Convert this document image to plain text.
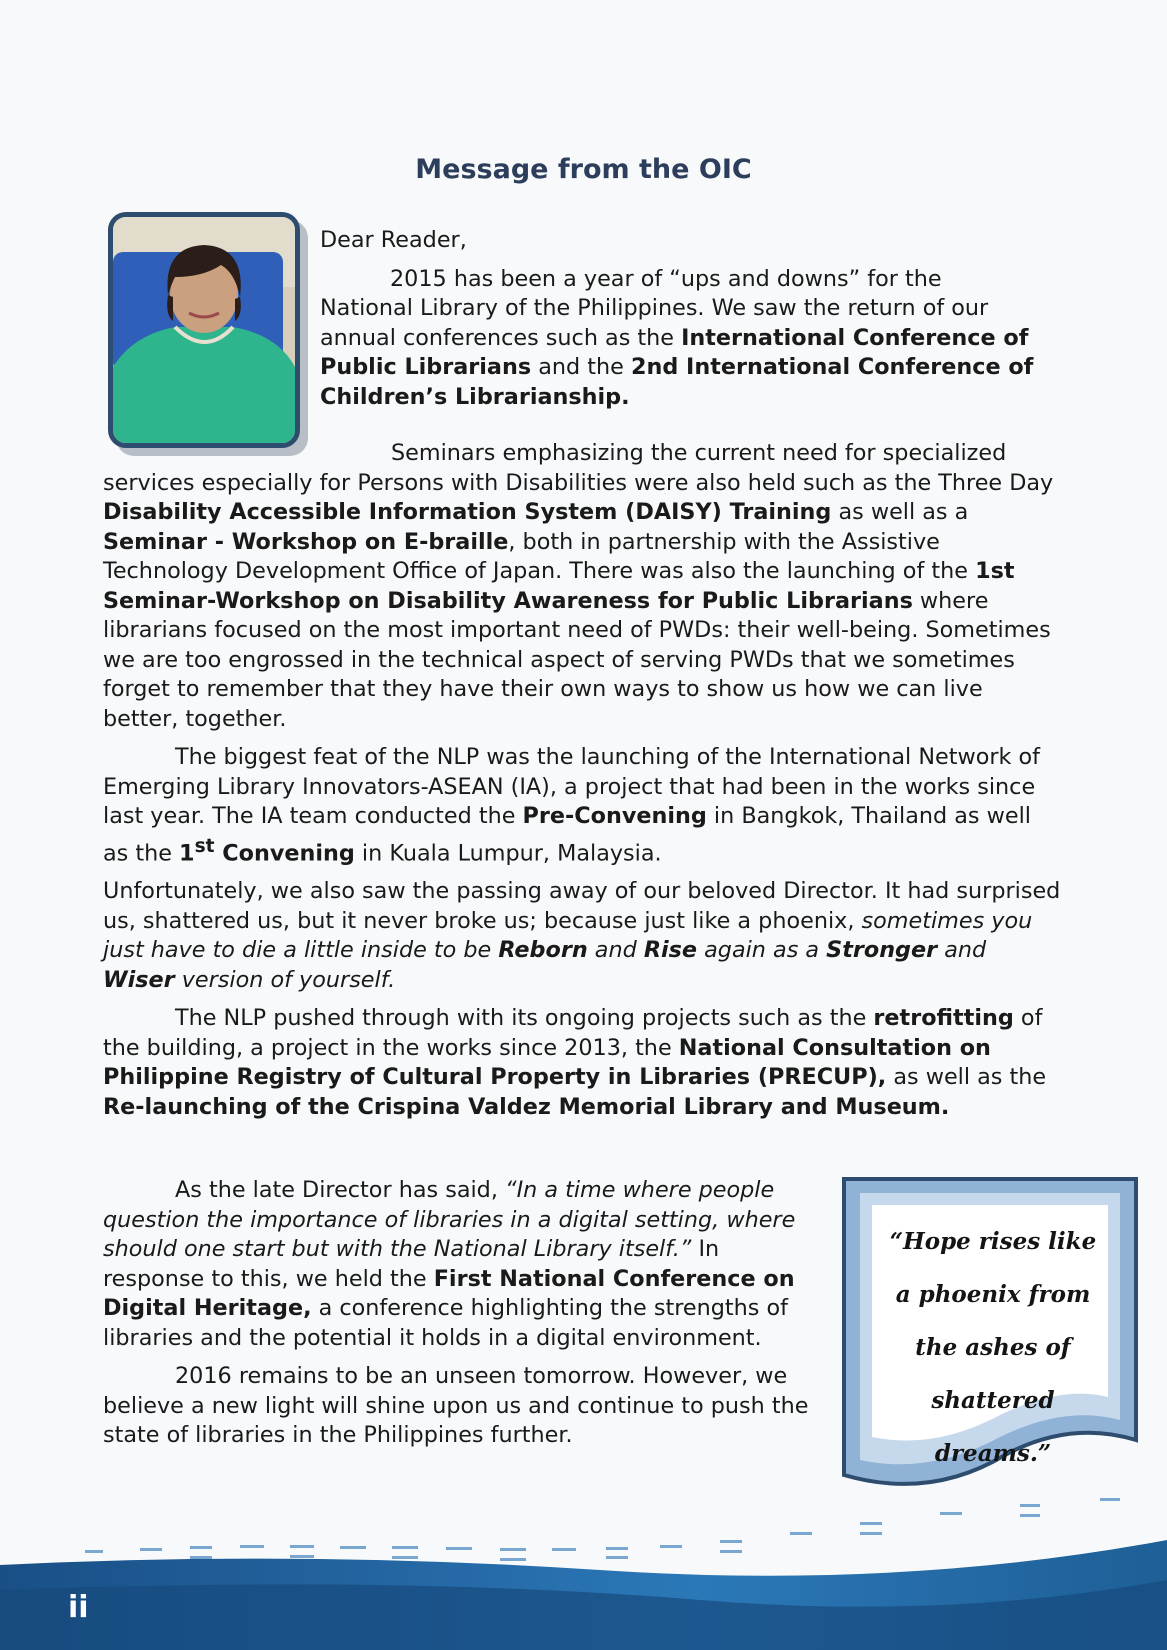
Message from the OIC

Dear Reader,

2015 has been a year of “ups and downs” for the National Library of the Philippines. We saw the return of our annual conferences such as the International Conference of Public Librarians and the 2nd International Conference of Children’s Librarianship.

Seminars emphasizing the current need for specialized services especially for Persons with Disabilities were also held such as the Three Day Disability Accessible Information System (DAISY) Training as well as a Seminar - Workshop on E-braille, both in partnership with the Assistive Technology Development Office of Japan. There was also the launching of the 1st Seminar-Workshop on Disability Awareness for Public Librarians where librarians focused on the most important need of PWDs: their well-being. Sometimes we are too engrossed in the technical aspect of serving PWDs that we sometimes forget to remember that they have their own ways to show us how we can live better, together.

The biggest feat of the NLP was the launching of the International Network of Emerging Library Innovators-ASEAN (IA), a project that had been in the works since last year. The IA team conducted the Pre-Convening in Bangkok, Thailand as well as the 1st Convening in Kuala Lumpur, Malaysia.

Unfortunately, we also saw the passing away of our beloved Director. It had surprised us, shattered us, but it never broke us; because just like a phoenix, sometimes you just have to die a little inside to be Reborn and Rise again as a Stronger and Wiser version of yourself.

The NLP pushed through with its ongoing projects such as the retrofitting of the building, a project in the works since 2013, the National Consultation on Philippine Registry of Cultural Property in Libraries (PRECUP), as well as the Re-launching of the Crispina Valdez Memorial Library and Museum.

As the late Director has said, “In a time where people question the importance of libraries in a digital setting, where should one start but with the National Library itself.” In response to this, we held the First National Conference on Digital Heritage, a conference highlighting the strengths of libraries and the potential it holds in a digital environment.

2016 remains to be an unseen tomorrow. However, we believe a new light will shine upon us and continue to push the state of libraries in the Philippines further.

“Hope rises like a phoenix from the ashes of shattered dreams.”
ii
